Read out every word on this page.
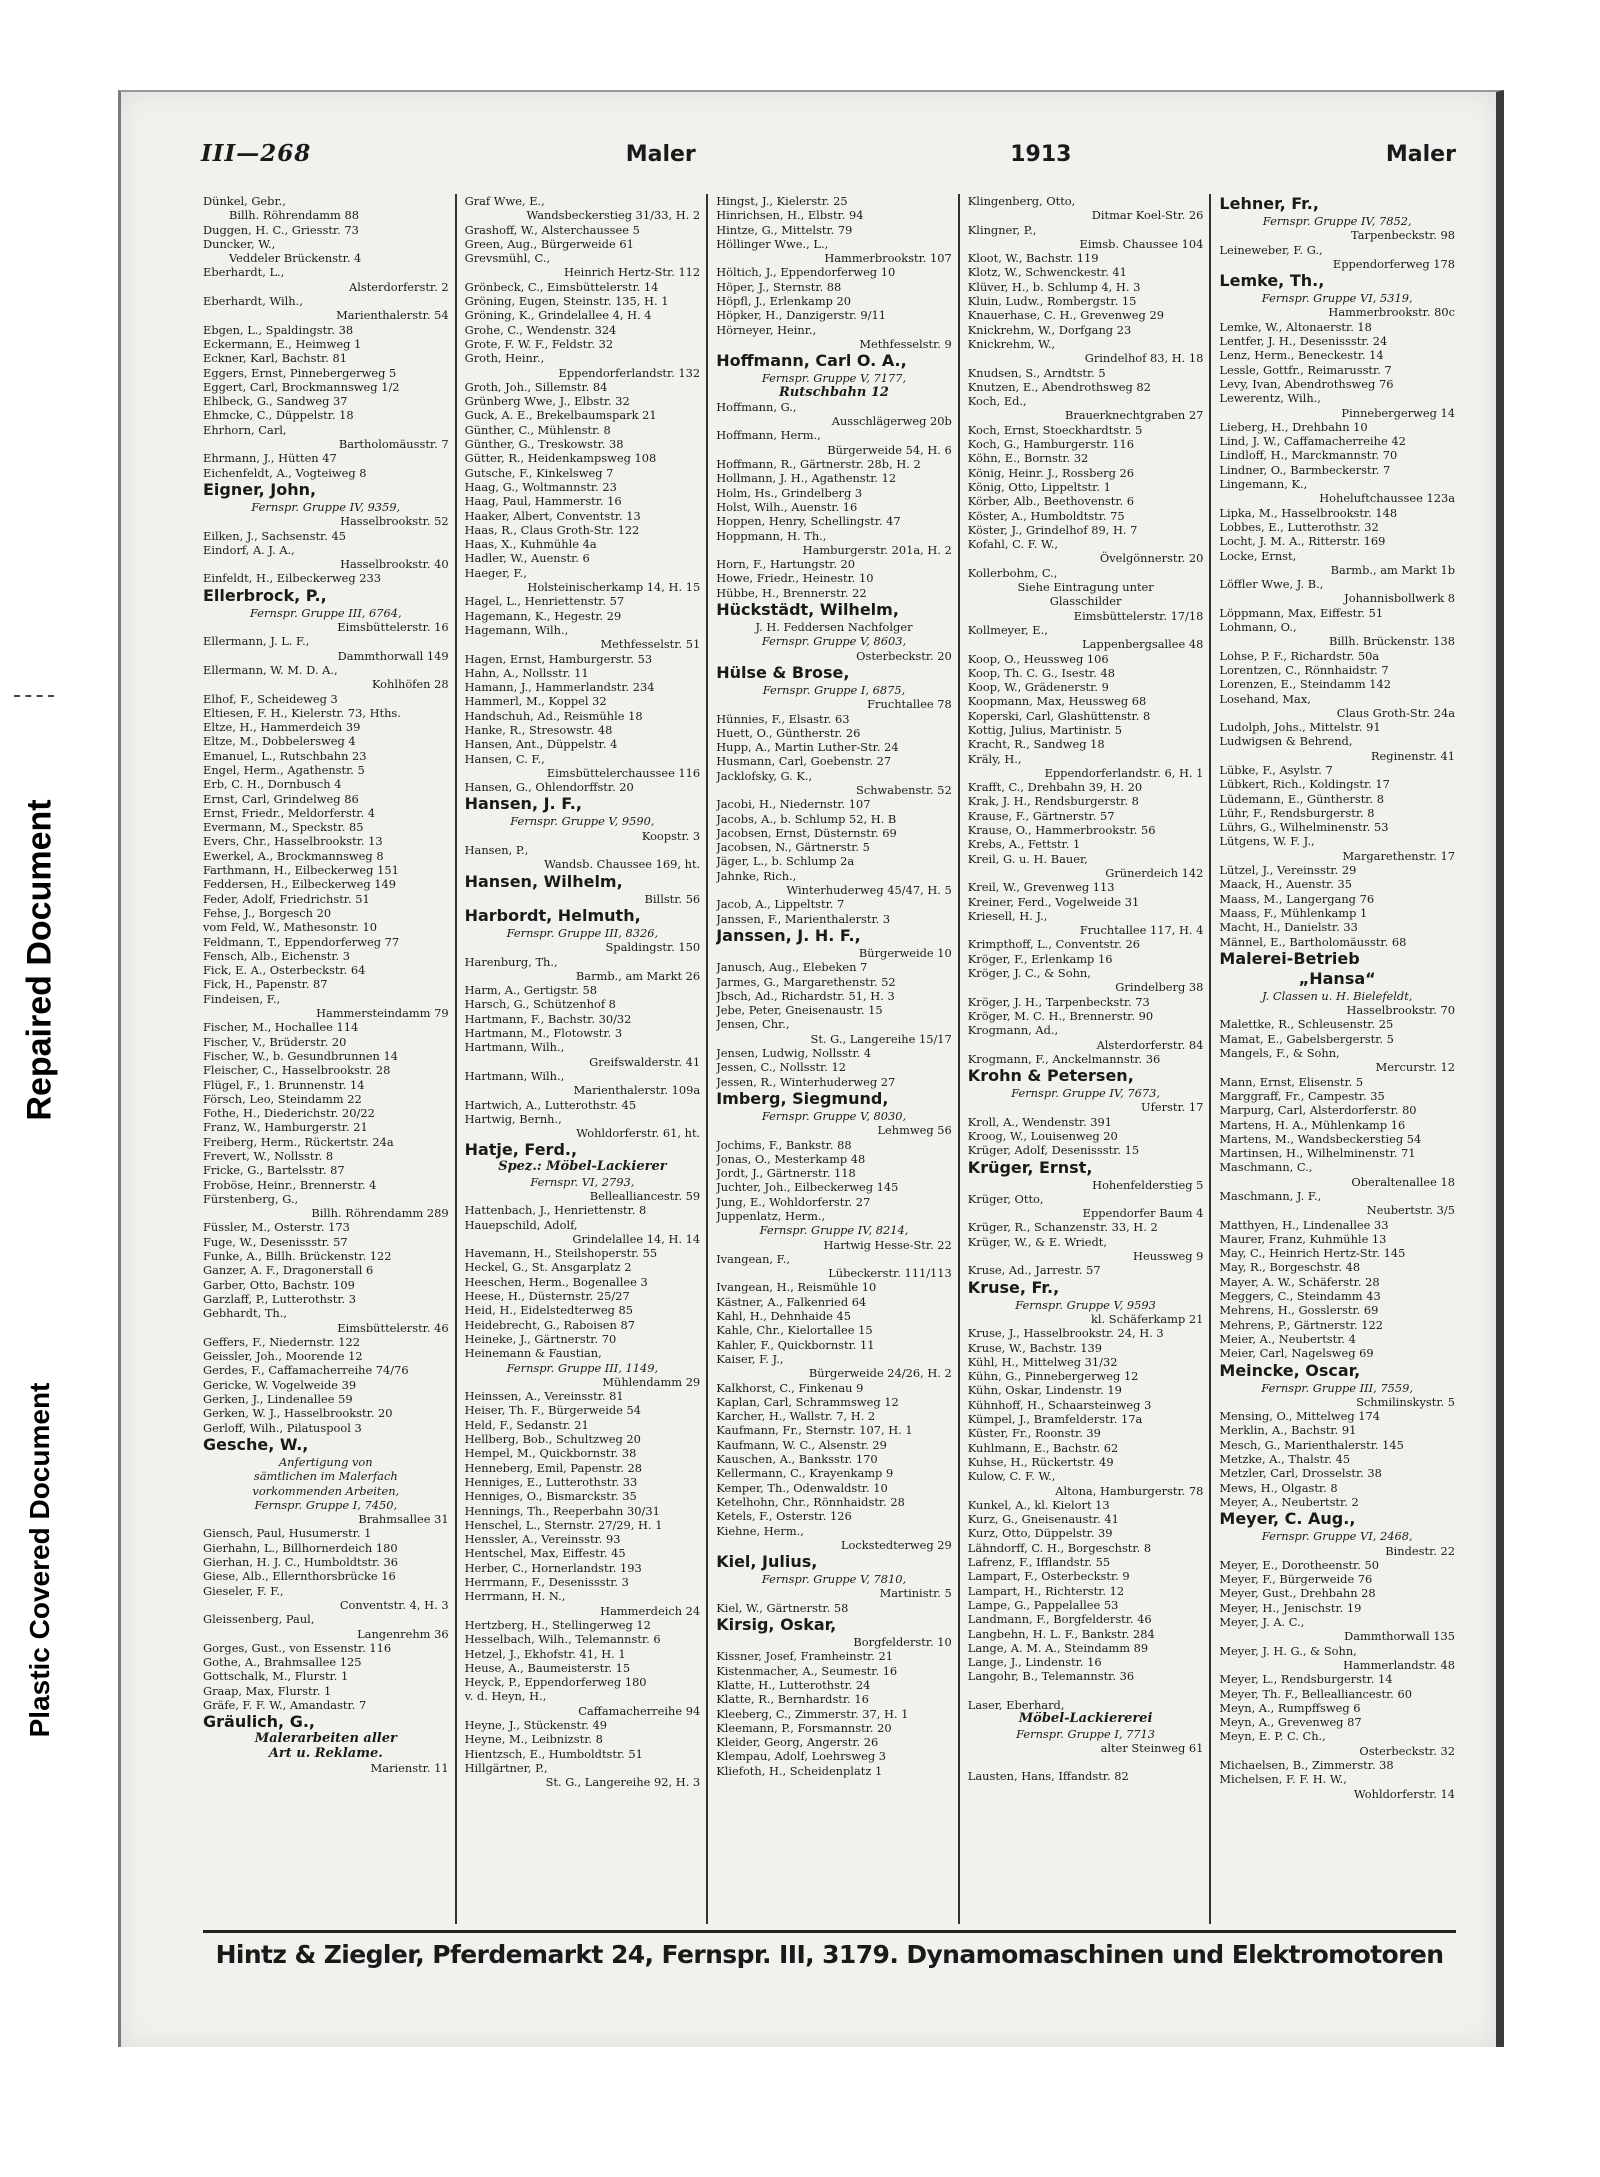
Repaired Document
Plastic Covered Document
III—268	Maler	1913	Maler
Dünkel, Gebr.,
Billh. Röhrendamm 88
Duggen, H. C., Griesstr. 73
Duncker, W.,
Veddeler Brückenstr. 4
Eberhardt, L.,
Alsterdorferstr. 2
Eberhardt, Wilh.,
Marienthalerstr. 54
Ebgen, L., Spaldingstr. 38
Eckermann, E., Heimweg 1
Eckner, Karl, Bachstr. 81
Eggers, Ernst, Pinnebergerweg 5
Eggert, Carl, Brockmannsweg 1/2
Ehlbeck, G., Sandweg 37
Ehmcke, C., Düppelstr. 18
Ehrhorn, Carl,
Bartholomäusstr. 7
Ehrmann, J., Hütten 47
Eichenfeldt, A., Vogteiweg 8
Eigner, John,
Fernspr. Gruppe IV, 9359,
Hasselbrookstr. 52
Eilken, J., Sachsenstr. 45
Eindorf, A. J. A.,
Hasselbrookstr. 40
Einfeldt, H., Eilbeckerweg 233
Ellerbrock, P.,
Fernspr. Gruppe III, 6764,
Eimsbüttelerstr. 16
Ellermann, J. L. F.,
Dammthorwall 149
Ellermann, W. M. D. A.,
Kohlhöfen 28
Elhof, F., Scheideweg 3
Eltiesen, F. H., Kielerstr. 73, Hths.
Eltze, H., Hammerdeich 39
Eltze, M., Dobbelersweg 4
Emanuel, L., Rutschbahn 23
Engel, Herm., Agathenstr. 5
Erb, C. H., Dornbusch 4
Ernst, Carl, Grindelweg 86
Ernst, Friedr., Meldorferstr. 4
Evermann, M., Speckstr. 85
Evers, Chr., Hasselbrookstr. 13
Ewerkel, A., Brockmannsweg 8
Farthmann, H., Eilbeckerweg 151
Feddersen, H., Eilbeckerweg 149
Feder, Adolf, Friedrichstr. 51
Fehse, J., Borgesch 20
vom Feld, W., Mathesonstr. 10
Feldmann, T., Eppendorferweg 77
Fensch, Alb., Eichenstr. 3
Fick, E. A., Osterbeckstr. 64
Fick, H., Papenstr. 87
Findeisen, F.,
Hammersteindamm 79
Fischer, M., Hochallee 114
Fischer, V., Brüderstr. 20
Fischer, W., b. Gesundbrunnen 14
Fleischer, C., Hasselbrookstr. 28
Flügel, F., 1. Brunnenstr. 14
Försch, Leo, Steindamm 22
Fothe, H., Diederichstr. 20/22
Franz, W., Hamburgerstr. 21
Freiberg, Herm., Rückertstr. 24a
Frevert, W., Nollsstr. 8
Fricke, G., Bartelsstr. 87
Froböse, Heinr., Brennerstr. 4
Fürstenberg, G.,
Billh. Röhrendamm 289
Füssler, M., Osterstr. 173
Fuge, W., Desenissstr. 57
Funke, A., Billh. Brückenstr. 122
Ganzer, A. F., Dragonerstall 6
Garber, Otto, Bachstr. 109
Garzlaff, P., Lutterothstr. 3
Gebhardt, Th.,
Eimsbüttelerstr. 46
Geffers, F., Niedernstr. 122
Geissler, Joh., Moorende 12
Gerdes, F., Caffamacherreihe 74/76
Gericke, W. Vogelweide 39
Gerken, J., Lindenallee 59
Gerken, W. J., Hasselbrookstr. 20
Gerloff, Wilh., Pilatuspool 3
Gesche, W.,
Anfertigung von
sämtlichen im Malerfach
vorkommenden Arbeiten,
Fernspr. Gruppe I, 7450,
Brahmsallee 31
Giensch, Paul, Husumerstr. 1
Gierhahn, L., Billhornerdeich 180
Gierhan, H. J. C., Humboldtstr. 36
Giese, Alb., Ellernthorsbrücke 16
Gieseler, F. F.,
Conventstr. 4, H. 3
Gleissenberg, Paul,
Langenrehm 36
Gorges, Gust., von Essenstr. 116
Gothe, A., Brahmsallee 125
Gottschalk, M., Flurstr. 1
Graap, Max, Flurstr. 1
Gräfe, F. F. W., Amandastr. 7
Gräulich, G.,
Malerarbeiten aller
Art u. Reklame.
Marienstr. 11
Graf Wwe, E.,
Wandsbeckerstieg 31/33, H. 2
Grashoff, W., Alsterchaussee 5
Green, Aug., Bürgerweide 61
Grevsmühl, C.,
Heinrich Hertz-Str. 112
Grönbeck, C., Eimsbüttelerstr. 14
Gröning, Eugen, Steinstr. 135, H. 1
Gröning, K., Grindelallee 4, H. 4
Grohe, C., Wendenstr. 324
Grote, F. W. F., Feldstr. 32
Groth, Heinr.,
Eppendorferlandstr. 132
Groth, Joh., Sillemstr. 84
Grünberg Wwe, J., Elbstr. 32
Guck, A. E., Brekelbaumspark 21
Günther, C., Mühlenstr. 8
Günther, G., Treskowstr. 38
Gütter, R., Heidenkampsweg 108
Gutsche, F., Kinkelsweg 7
Haag, G., Woltmannstr. 23
Haag, Paul, Hammerstr. 16
Haaker, Albert, Conventstr. 13
Haas, R., Claus Groth-Str. 122
Haas, X., Kuhmühle 4a
Hadler, W., Auenstr. 6
Haeger, F.,
Holsteinischerkamp 14, H. 15
Hagel, L., Henriettenstr. 57
Hagemann, K., Hegestr. 29
Hagemann, Wilh.,
Methfesselstr. 51
Hagen, Ernst, Hamburgerstr. 53
Hahn, A., Nollsstr. 11
Hamann, J., Hammerlandstr. 234
Hammerl, M., Koppel 32
Handschuh, Ad., Reismühle 18
Hanke, R., Stresowstr. 48
Hansen, Ant., Düppelstr. 4
Hansen, C. F.,
Eimsbüttelerchaussee 116
Hansen, G., Ohlendorffstr. 20
Hansen, J. F.,
Fernspr. Gruppe V, 9590,
Koopstr. 3
Hansen, P.,
Wandsb. Chaussee 169, ht.
Hansen, Wilhelm,
Billstr. 56
Harbordt, Helmuth,
Fernspr. Gruppe III, 8326,
Spaldingstr. 150
Harenburg, Th.,
Barmb., am Markt 26
Harm, A., Gertigstr. 58
Harsch, G., Schützenhof 8
Hartmann, F., Bachstr. 30/32
Hartmann, M., Flotowstr. 3
Hartmann, Wilh.,
Greifswalderstr. 41
Hartmann, Wilh.,
Marienthalerstr. 109a
Hartwich, A., Lutterothstr. 45
Hartwig, Bernh.,
Wohldorferstr. 61, ht.
Hatje, Ferd.,
Spez.: Möbel-Lackierer
Fernspr. VI, 2793,
Bellealliancestr. 59
Hattenbach, J., Henriettenstr. 8
Hauepschild, Adolf,
Grindelallee 14, H. 14
Havemann, H., Steilshoperstr. 55
Heckel, G., St. Ansgarplatz 2
Heeschen, Herm., Bogenallee 3
Heese, H., Düsternstr. 25/27
Heid, H., Eidelstedterweg 85
Heidebrecht, G., Raboisen 87
Heineke, J., Gärtnerstr. 70
Heinemann & Faustian,
Fernspr. Gruppe III, 1149,
Mühlendamm 29
Heinssen, A., Vereinsstr. 81
Heiser, Th. F., Bürgerweide 54
Held, F., Sedanstr. 21
Hellberg, Bob., Schultzweg 20
Hempel, M., Quickbornstr. 38
Henneberg, Emil, Papenstr. 28
Henniges, E., Lutterothstr. 33
Henniges, O., Bismarckstr. 35
Hennings, Th., Reeperbahn 30/31
Henschel, L., Sternstr. 27/29, H. 1
Henssler, A., Vereinsstr. 93
Hentschel, Max, Eiffestr. 45
Herber, C., Hornerlandstr. 193
Herrmann, F., Desenissstr. 3
Herrmann, H. N.,
Hammerdeich 24
Hertzberg, H., Stellingerweg 12
Hesselbach, Wilh., Telemannstr. 6
Hetzel, J., Ekhofstr. 41, H. 1
Heuse, A., Baumeisterstr. 15
Heyck, P., Eppendorferweg 180
v. d. Heyn, H.,
Caffamacherreihe 94
Heyne, J., Stückenstr. 49
Heyne, M., Leibnizstr. 8
Hientzsch, E., Humboldtstr. 51
Hillgärtner, P.,
St. G., Langereihe 92, H. 3
Hingst, J., Kielerstr. 25
Hinrichsen, H., Elbstr. 94
Hintze, G., Mittelstr. 79
Höllinger Wwe., L.,
Hammerbrookstr. 107
Höltich, J., Eppendorferweg 10
Höper, J., Sternstr. 88
Höpfl, J., Erlenkamp 20
Höpker, H., Danzigerstr. 9/11
Hörneyer, Heinr.,
Methfesselstr. 9
Hoffmann, Carl O. A.,
Fernspr. Gruppe V, 7177,
Rutschbahn 12
Hoffmann, G.,
Ausschlägerweg 20b
Hoffmann, Herm.,
Bürgerweide 54, H. 6
Hoffmann, R., Gärtnerstr. 28b, H. 2
Hollmann, J. H., Agathenstr. 12
Holm, Hs., Grindelberg 3
Holst, Wilh., Auenstr. 16
Hoppen, Henry, Schellingstr. 47
Hoppmann, H. Th.,
Hamburgerstr. 201a, H. 2
Horn, F., Hartungstr. 20
Howe, Friedr., Heinestr. 10
Hübbe, H., Brennerstr. 22
Hückstädt, Wilhelm,
J. H. Feddersen Nachfolger
Fernspr. Gruppe V, 8603,
Osterbeckstr. 20
Hülse & Brose,
Fernspr. Gruppe I, 6875,
Fruchtallee 78
Hünnies, F., Elsastr. 63
Huett, O., Güntherstr. 26
Hupp, A., Martin Luther-Str. 24
Husmann, Carl, Goebenstr. 27
Jacklofsky, G. K.,
Schwabenstr. 52
Jacobi, H., Niedernstr. 107
Jacobs, A., b. Schlump 52, H. B
Jacobsen, Ernst, Düsternstr. 69
Jacobsen, N., Gärtnerstr. 5
Jäger, L., b. Schlump 2a
Jahnke, Rich.,
Winterhuderweg 45/47, H. 5
Jacob, A., Lippeltstr. 7
Janssen, F., Marienthalerstr. 3
Janssen, J. H. F.,
Bürgerweide 10
Janusch, Aug., Elebeken 7
Jarmes, G., Margarethenstr. 52
Jbsch, Ad., Richardstr. 51, H. 3
Jebe, Peter, Gneisenaustr. 15
Jensen, Chr.,
St. G., Langereihe 15/17
Jensen, Ludwig, Nollsstr. 4
Jessen, C., Nollsstr. 12
Jessen, R., Winterhuderweg 27
Imberg, Siegmund,
Fernspr. Gruppe V, 8030,
Lehmweg 56
Jochims, F., Bankstr. 88
Jonas, O., Mesterkamp 48
Jordt, J., Gärtnerstr. 118
Juchter, Joh., Eilbeckerweg 145
Jung, E., Wohldorferstr. 27
Juppenlatz, Herm.,
Fernspr. Gruppe IV, 8214,
Hartwig Hesse-Str. 22
Ivangean, F.,
Lübeckerstr. 111/113
Ivangean, H., Reismühle 10
Kästner, A., Falkenried 64
Kahl, H., Dehnhaide 45
Kahle, Chr., Kielortallee 15
Kahler, F., Quickbornstr. 11
Kaiser, F. J.,
Bürgerweide 24/26, H. 2
Kalkhorst, C., Finkenau 9
Kaplan, Carl, Schrammsweg 12
Karcher, H., Wallstr. 7, H. 2
Kaufmann, Fr., Sternstr. 107, H. 1
Kaufmann, W. C., Alsenstr. 29
Kauschen, A., Banksstr. 170
Kellermann, C., Krayenkamp 9
Kemper, Th., Odenwaldstr. 10
Ketelhohn, Chr., Rönnhaidstr. 28
Ketels, F., Osterstr. 126
Kiehne, Herm.,
Lockstedterweg 29
Kiel, Julius,
Fernspr. Gruppe V, 7810,
Martinistr. 5
Kiel, W., Gärtnerstr. 58
Kirsig, Oskar,
Borgfelderstr. 10
Kissner, Josef, Framheinstr. 21
Kistenmacher, A., Seumestr. 16
Klatte, H., Lutterothstr. 24
Klatte, R., Bernhardstr. 16
Kleeberg, C., Zimmerstr. 37, H. 1
Kleemann, P., Forsmannstr. 20
Kleider, Georg, Angerstr. 26
Klempau, Adolf, Loehrsweg 3
Kliefoth, H., Scheidenplatz 1
Klingenberg, Otto,
Ditmar Koel-Str. 26
Klingner, P.,
Eimsb. Chaussee 104
Kloot, W., Bachstr. 119
Klotz, W., Schwenckestr. 41
Klüver, H., b. Schlump 4, H. 3
Kluin, Ludw., Rombergstr. 15
Knauerhase, C. H., Grevenweg 29
Knickrehm, W., Dorfgang 23
Knickrehm, W.,
Grindelhof 83, H. 18
Knudsen, S., Arndtstr. 5
Knutzen, E., Abendrothsweg 82
Koch, Ed.,
Brauerknechtgraben 27
Koch, Ernst, Stoeckhardtstr. 5
Koch, G., Hamburgerstr. 116
Köhn, E., Bornstr. 32
König, Heinr. J., Rossberg 26
König, Otto, Lippeltstr. 1
Körber, Alb., Beethovenstr. 6
Köster, A., Humboldtstr. 75
Köster, J., Grindelhof 89, H. 7
Kofahl, C. F. W.,
Övelgönnerstr. 20
Kollerbohm, C.,
Siehe Eintragung unter
Glasschilder
Eimsbüttelerstr. 17/18
Kollmeyer, E.,
Lappenbergsallee 48
Koop, O., Heussweg 106
Koop, Th. C. G., Isestr. 48
Koop, W., Grädenerstr. 9
Koopmann, Max, Heussweg 68
Koperski, Carl, Glashüttenstr. 8
Kottig, Julius, Martinistr. 5
Kracht, R., Sandweg 18
Kräly, H.,
Eppendorferlandstr. 6, H. 1
Krafft, C., Drehbahn 39, H. 20
Krak, J. H., Rendsburgerstr. 8
Krause, F., Gärtnerstr. 57
Krause, O., Hammerbrookstr. 56
Krebs, A., Fettstr. 1
Kreil, G. u. H. Bauer,
Grünerdeich 142
Kreil, W., Grevenweg 113
Kreiner, Ferd., Vogelweide 31
Kriesell, H. J.,
Fruchtallee 117, H. 4
Krimpthoff, L., Conventstr. 26
Kröger, F., Erlenkamp 16
Kröger, J. C., & Sohn,
Grindelberg 38
Kröger, J. H., Tarpenbeckstr. 73
Kröger, M. C. H., Brennerstr. 90
Krogmann, Ad.,
Alsterdorferstr. 84
Krogmann, F., Anckelmannstr. 36
Krohn & Petersen,
Fernspr. Gruppe IV, 7673,
Uferstr. 17
Kroll, A., Wendenstr. 391
Kroog, W., Louisenweg 20
Krüger, Adolf, Desenissstr. 15
Krüger, Ernst,
Hohenfelderstieg 5
Krüger, Otto,
Eppendorfer Baum 4
Krüger, R., Schanzenstr. 33, H. 2
Krüger, W., & E. Wriedt,
Heussweg 9
Kruse, Ad., Jarrestr. 57
Kruse, Fr.,
Fernspr. Gruppe V, 9593
kl. Schäferkamp 21
Kruse, J., Hasselbrookstr. 24, H. 3
Kruse, W., Bachstr. 139
Kühl, H., Mittelweg 31/32
Kühn, G., Pinnebergerweg 12
Kühn, Oskar, Lindenstr. 19
Kühnhoff, H., Schaarsteinweg 3
Kümpel, J., Bramfelderstr. 17a
Küster, Fr., Roonstr. 39
Kuhlmann, E., Bachstr. 62
Kuhse, H., Rückertstr. 49
Kulow, C. F. W.,
Altona, Hamburgerstr. 78
Kunkel, A., kl. Kielort 13
Kurz, G., Gneisenaustr. 41
Kurz, Otto, Düppelstr. 39
Lähndorff, C. H., Borgeschstr. 8
Lafrenz, F., Ifflandstr. 55
Lampart, F., Osterbeckstr. 9
Lampart, H., Richterstr. 12
Lampe, G., Pappelallee 53
Landmann, F., Borgfelderstr. 46
Langbehn, H. L. F., Bankstr. 284
Lange, A. M. A., Steindamm 89
Lange, J., Lindenstr. 16
Langohr, B., Telemannstr. 36

Laser, Eberhard,
Möbel-Lackiererei
Fernspr. Gruppe I, 7713
alter Steinweg 61

Lausten, Hans, Iffandstr. 82
Lehner, Fr.,
Fernspr. Gruppe IV, 7852,
Tarpenbeckstr. 98
Leineweber, F. G.,
Eppendorferweg 178
Lemke, Th.,
Fernspr. Gruppe VI, 5319,
Hammerbrookstr. 80c
Lemke, W., Altonaerstr. 18
Lentfer, J. H., Desenissstr. 24
Lenz, Herm., Beneckestr. 14
Lessle, Gottfr., Reimarusstr. 7
Levy, Ivan, Abendrothsweg 76
Lewerentz, Wilh.,
Pinnebergerweg 14
Lieberg, H., Drehbahn 10
Lind, J. W., Caffamacherreihe 42
Lindloff, H., Marckmannstr. 70
Lindner, O., Barmbeckerstr. 7
Lingemann, K.,
Hoheluftchaussee 123a
Lipka, M., Hasselbrookstr. 148
Lobbes, E., Lutterothstr. 32
Locht, J. M. A., Ritterstr. 169
Locke, Ernst,
Barmb., am Markt 1b
Löffler Wwe, J. B.,
Johannisbollwerk 8
Löppmann, Max, Eiffestr. 51
Lohmann, O.,
Billh. Brückenstr. 138
Lohse, P. F., Richardstr. 50a
Lorentzen, C., Rönnhaidstr. 7
Lorenzen, E., Steindamm 142
Losehand, Max,
Claus Groth-Str. 24a
Ludolph, Johs., Mittelstr. 91
Ludwigsen & Behrend,
Reginenstr. 41
Lübke, F., Asylstr. 7
Lübkert, Rich., Koldingstr. 17
Lüdemann, E., Güntherstr. 8
Lühr, F., Rendsburgerstr. 8
Lührs, G., Wilhelminenstr. 53
Lütgens, W. F. J.,
Margarethenstr. 17
Lützel, J., Vereinsstr. 29
Maack, H., Auenstr. 35
Maass, M., Langergang 76
Maass, F., Mühlenkamp 1
Macht, H., Danielstr. 33
Männel, E., Bartholomäusstr. 68
Malerei-Betrieb
„Hansa“
J. Classen u. H. Bielefeldt,
Hasselbrookstr. 70
Malettke, R., Schleusenstr. 25
Mamat, E., Gabelsbergerstr. 5
Mangels, F., & Sohn,
Mercurstr. 12
Mann, Ernst, Elisenstr. 5
Marggraff, Fr., Campestr. 35
Marpurg, Carl, Alsterdorferstr. 80
Martens, H. A., Mühlenkamp 16
Martens, M., Wandsbeckerstieg 54
Martinsen, H., Wilhelminenstr. 71
Maschmann, C.,
Oberaltenallee 18
Maschmann, J. F.,
Neubertstr. 3/5
Matthyen, H., Lindenallee 33
Maurer, Franz, Kuhmühle 13
May, C., Heinrich Hertz-Str. 145
May, R., Borgeschstr. 48
Mayer, A. W., Schäferstr. 28
Meggers, C., Steindamm 43
Mehrens, H., Gosslerstr. 69
Mehrens, P., Gärtnerstr. 122
Meier, A., Neubertstr. 4
Meier, Carl, Nagelsweg 69
Meincke, Oscar,
Fernspr. Gruppe III, 7559,
Schmilinskystr. 5
Mensing, O., Mittelweg 174
Merklin, A., Bachstr. 91
Mesch, G., Marienthalerstr. 145
Metzke, A., Thalstr. 45
Metzler, Carl, Drosselstr. 38
Mews, H., Olgastr. 8
Meyer, A., Neubertstr. 2
Meyer, C. Aug.,
Fernspr. Gruppe VI, 2468,
Bindestr. 22
Meyer, E., Dorotheenstr. 50
Meyer, F., Bürgerweide 76
Meyer, Gust., Drehbahn 28
Meyer, H., Jenischstr. 19
Meyer, J. A. C.,
Dammthorwall 135
Meyer, J. H. G., & Sohn,
Hammerlandstr. 48
Meyer, L., Rendsburgerstr. 14
Meyer, Th. F., Bellealliancestr. 60
Meyn, A., Rumpffsweg 6
Meyn, A., Grevenweg 87
Meyn, E. P. C. Ch.,
Osterbeckstr. 32
Michaelsen, B., Zimmerstr. 38
Michelsen, F. F. H. W.,
Wohldorferstr. 14
Hintz & Ziegler, Pferdemarkt 24, Fernspr. III, 3179. Dynamomaschinen und Elektromotoren
